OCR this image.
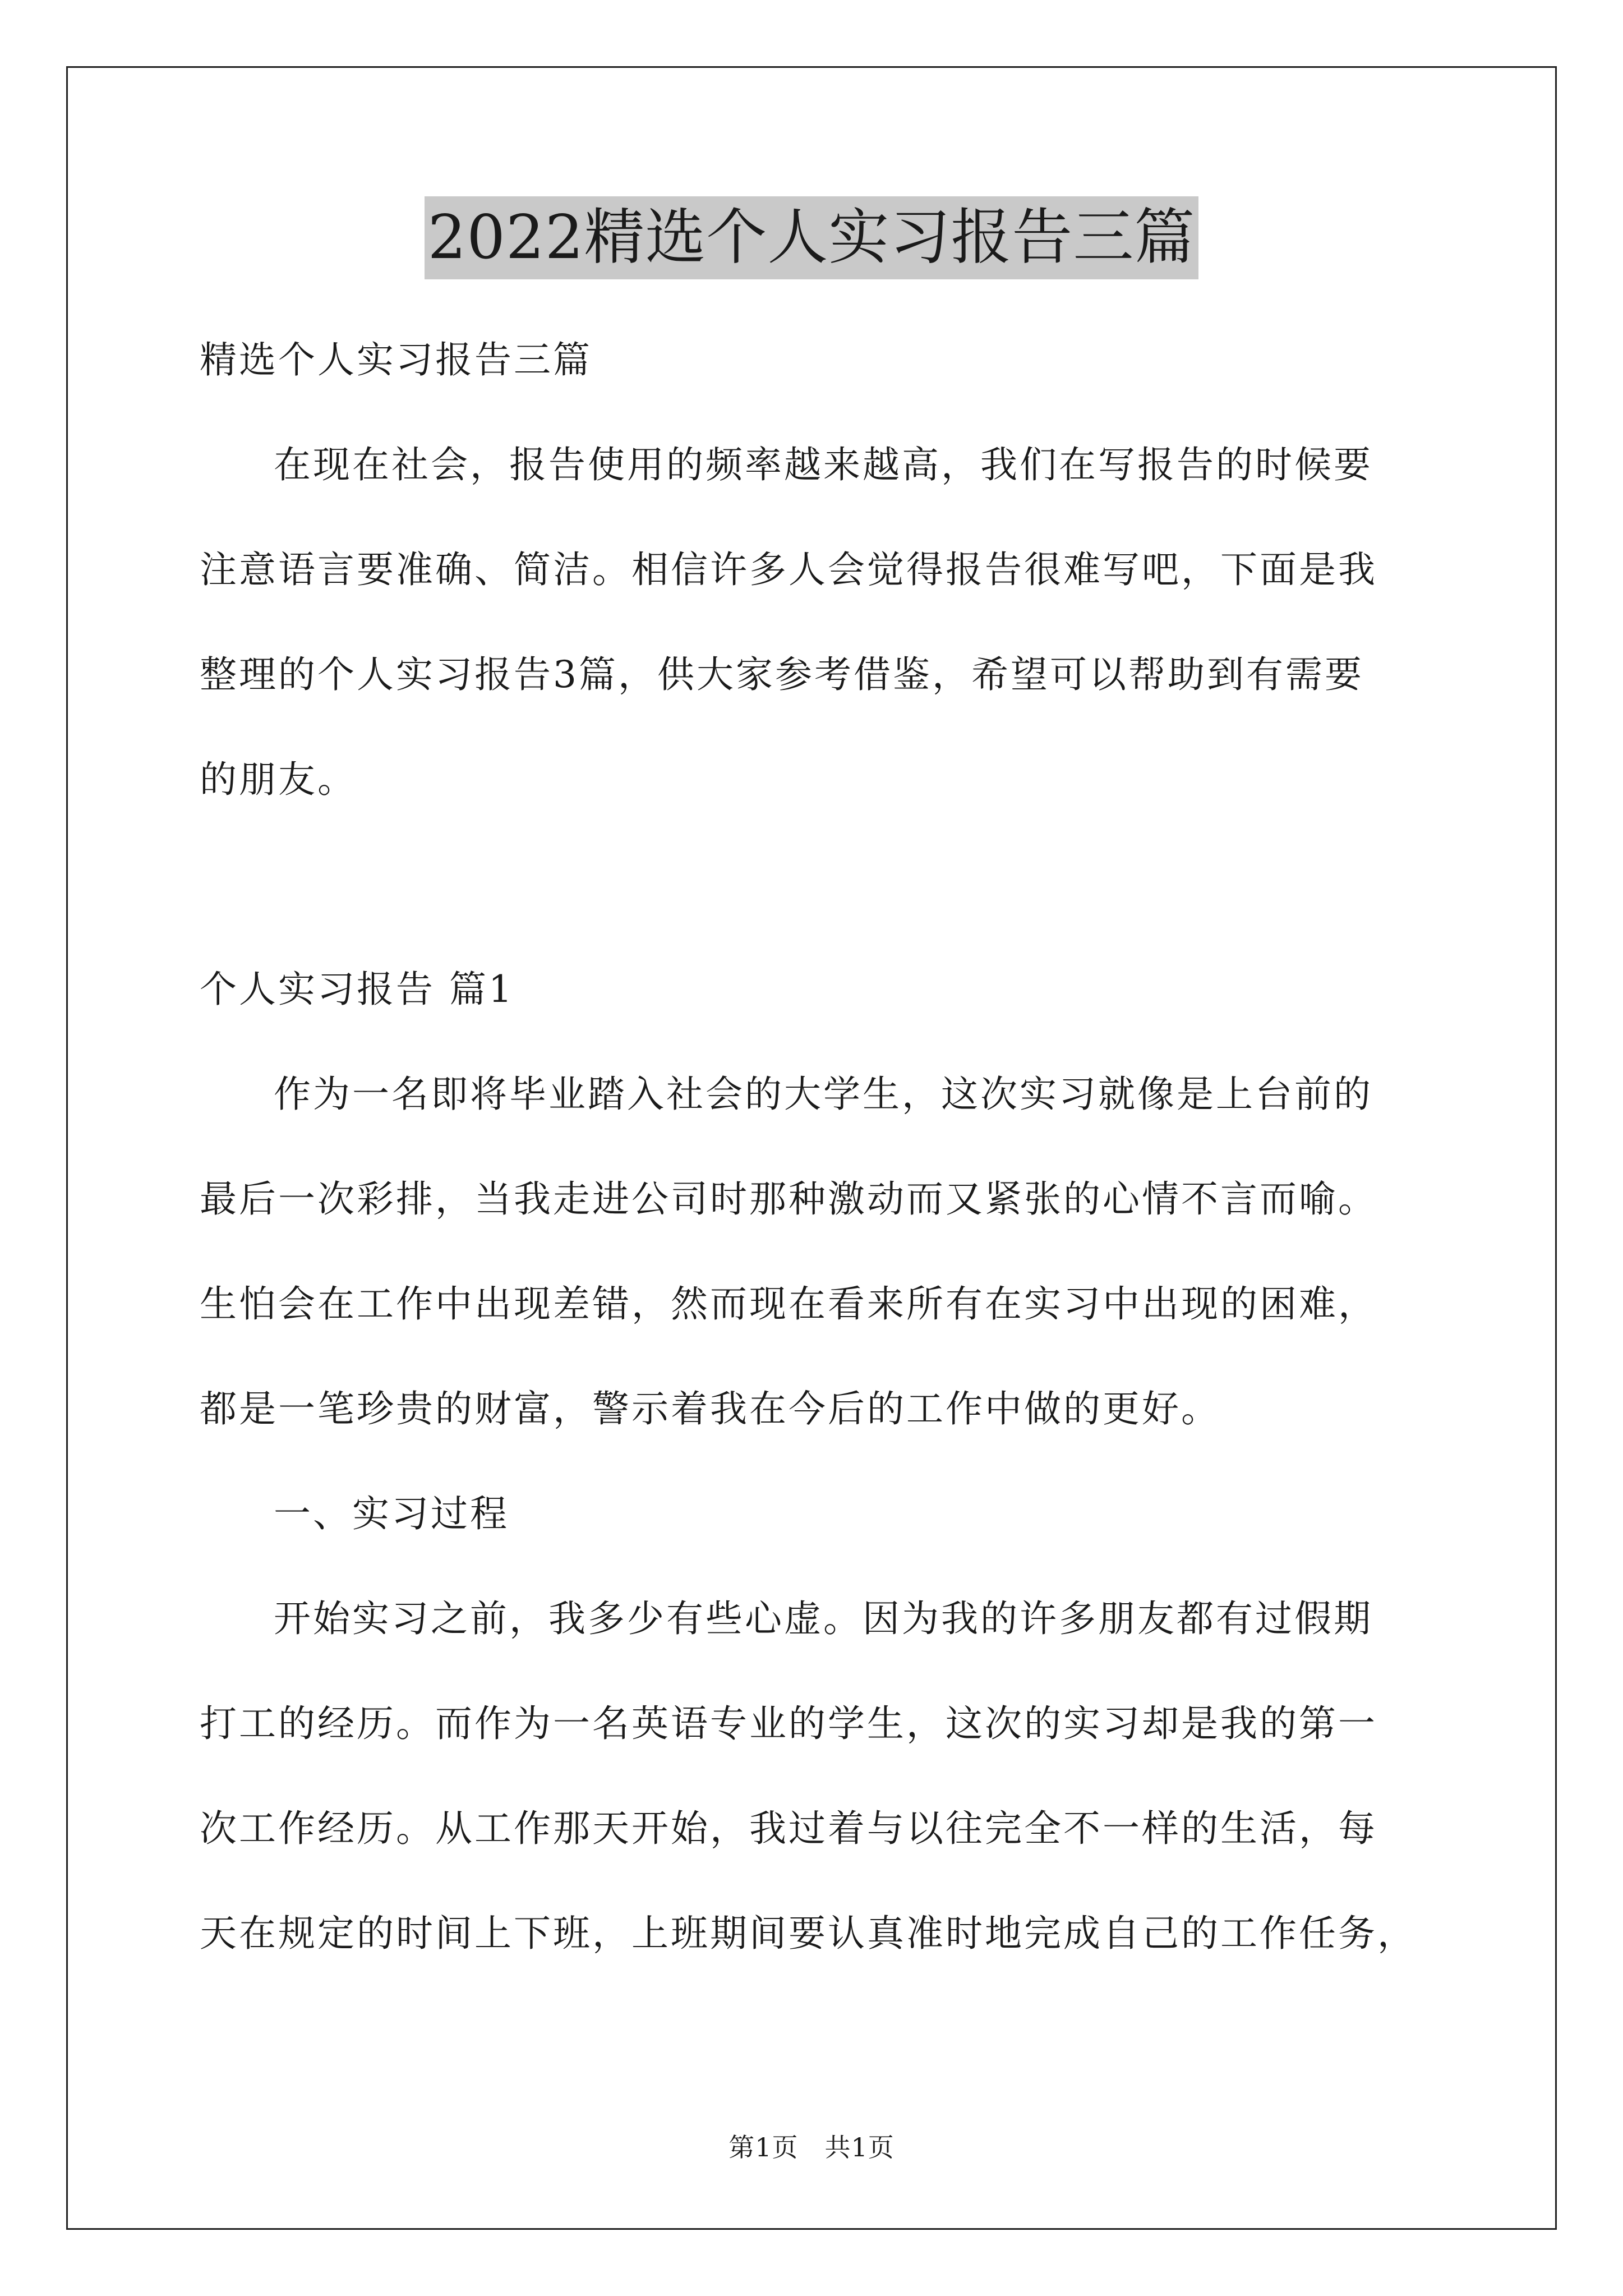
2022精选个人实习报告三篇

精选个人实习报告三篇

在现在社会，报告使用的频率越来越高，我们在写报告的时候要

注意语言要准确、简洁。相信许多人会觉得报告很难写吧，下面是我

整理的个人实习报告3篇，供大家参考借鉴，希望可以帮助到有需要

的朋友。

个人实习报告 篇1

作为一名即将毕业踏入社会的大学生，这次实习就像是上台前的

最后一次彩排，当我走进公司时那种激动而又紧张的心情不言而喻。

生怕会在工作中出现差错，然而现在看来所有在实习中出现的困难，

都是一笔珍贵的财富，警示着我在今后的工作中做的更好。

一、实习过程

开始实习之前，我多少有些心虚。因为我的许多朋友都有过假期

打工的经历。而作为一名英语专业的学生，这次的实习却是我的第一

次工作经历。从工作那天开始，我过着与以往完全不一样的生活，每

天在规定的时间上下班，上班期间要认真准时地完成自己的工作任务，

第1页　共1页
